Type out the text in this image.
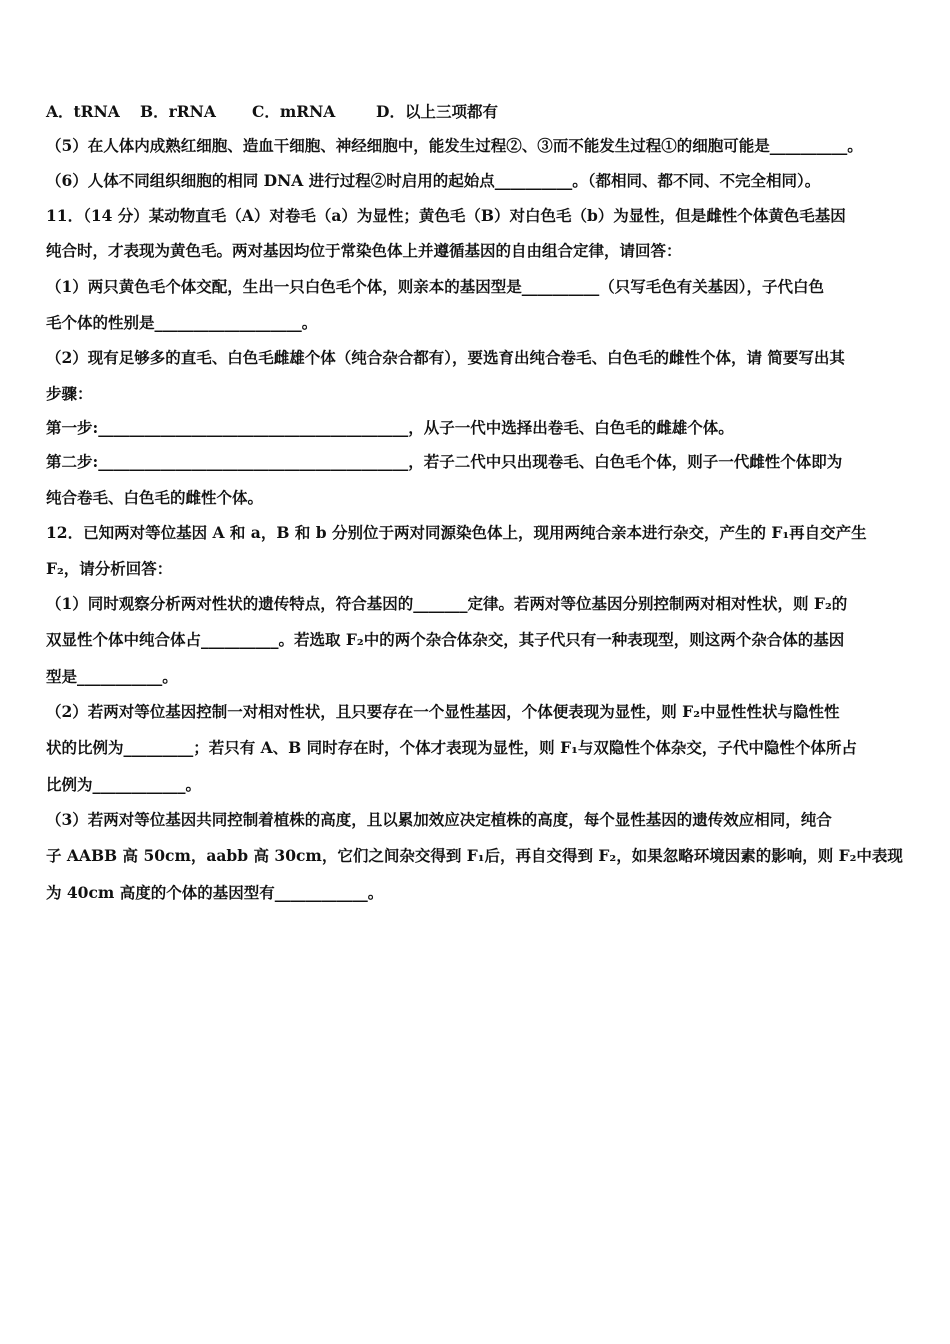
A．tRNA B．rRNA C．mRNA	D．以上三项都有
（5）在人体内成熟红细胞、造血干细胞、神经细胞中，能发生过程②、③而不能发生过程①的细胞可能是__________。
（6）人体不同组织细胞的相同 DNA 进行过程②时启用的起始点__________。（都相同、都不同、不完全相同）。
11．（14 分）某动物直毛（A）对卷毛（a）为显性；黄色毛（B）对白色毛（b）为显性，但是雌性个体黄色毛基因
纯合时，才表现为黄色毛。两对基因均位于常染色体上并遵循基因的自由组合定律，请回答：
（1）两只黄色毛个体交配，生出一只白色毛个体，则亲本的基因型是__________（只写毛色有关基因），子代白色
毛个体的性别是___________________。
（2）现有足够多的直毛、白色毛雌雄个体（纯合杂合都有），要选育出纯合卷毛、白色毛的雌性个体，请 简要写出其
步骤：
第一步:________________________________________，从子一代中选择出卷毛、白色毛的雌雄个体。
第二步:________________________________________，若子二代中只出现卷毛、白色毛个体，则子一代雌性个体即为
纯合卷毛、白色毛的雌性个体。
12．已知两对等位基因 A 和 a，B 和 b 分别位于两对同源染色体上，现用两纯合亲本进行杂交，产生的 F₁再自交产生
F₂，请分析回答：
（1）同时观察分析两对性状的遗传特点，符合基因的_______定律。若两对等位基因分别控制两对相对性状，则 F₂的
双显性个体中纯合体占__________。若选取 F₂中的两个杂合体杂交，其子代只有一种表现型，则这两个杂合体的基因
型是___________。
（2）若两对等位基因控制一对相对性状，且只要存在一个显性基因，个体便表现为显性，则 F₂中显性性状与隐性性
状的比例为_________；若只有 A、B 同时存在时，个体才表现为显性，则 F₁与双隐性个体杂交，子代中隐性个体所占
比例为____________。
（3）若两对等位基因共同控制着植株的高度，且以累加效应决定植株的高度，每个显性基因的遗传效应相同，纯合
子 AABB 高 50cm，aabb 高 30cm，它们之间杂交得到 F₁后，再自交得到 F₂，如果忽略环境因素的影响，则 F₂中表现
为 40cm 高度的个体的基因型有____________。
